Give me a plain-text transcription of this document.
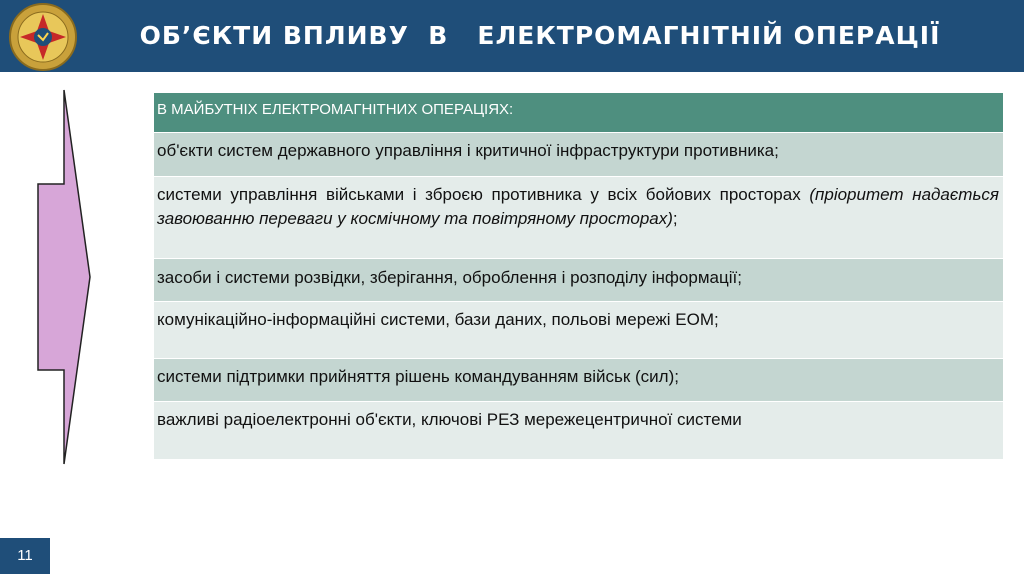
ОБ’ЄКТИ ВПЛИВУ  В   ЕЛЕКТРОМАГНІТНІЙ ОПЕРАЦІЇ
В МАЙБУТНІХ ЕЛЕКТРОМАГНІТНИХ ОПЕРАЦІЯХ:
об'єкти систем державного управління і критичної інфраструктури противника;
системи управління військами і зброєю противника у всіх бойових просторах (пріоритет надається завоюванню переваги у космічному та повітряному просторах);
засоби і системи розвідки, зберігання, оброблення і розподілу інформації;
комунікаційно-інформаційні системи, бази даних, польові мережі ЕОМ;
системи підтримки прийняття рішень командуванням військ (сил);
важливі радіоелектронні об'єкти, ключові РЕЗ мережецентричної системи
11
